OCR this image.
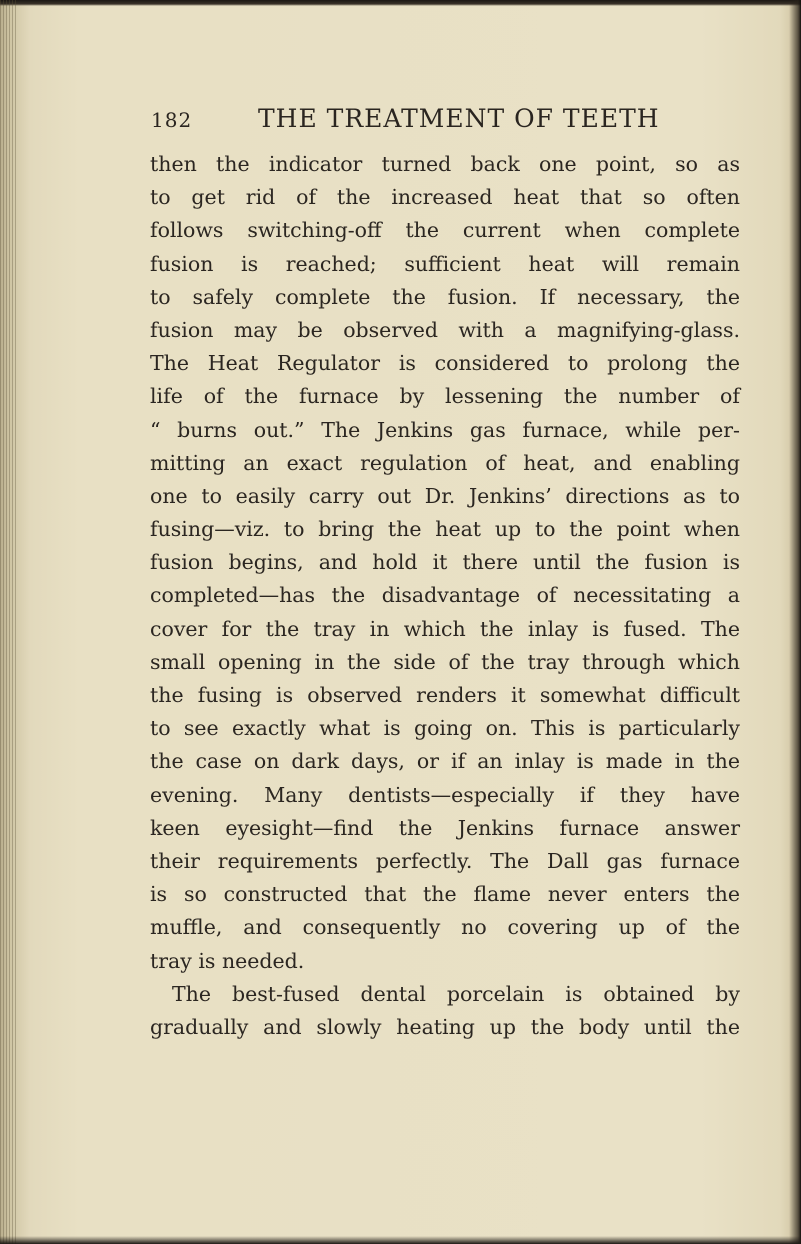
182	THE TREATMENT OF TEETH
then the indicator turned back one point, so as
to get rid of the increased heat that so often
follows switching-off the current when complete
fusion is reached; sufficient heat will remain
to safely complete the fusion. If necessary, the
fusion may be observed with a magnifying-glass.
The Heat Regulator is considered to prolong the
life of the furnace by lessening the number of
“ burns out.” The Jenkins gas furnace, while per-
mitting an exact regulation of heat, and enabling
one to easily carry out Dr. Jenkins’ directions as to
fusing—viz. to bring the heat up to the point when
fusion begins, and hold it there until the fusion is
completed—has the disadvantage of necessitating a
cover for the tray in which the inlay is fused. The
small opening in the side of the tray through which
the fusing is observed renders it somewhat difficult
to see exactly what is going on. This is particularly
the case on dark days, or if an inlay is made in the
evening. Many dentists—especially if they have
keen eyesight—find the Jenkins furnace answer
their requirements perfectly. The Dall gas furnace
is so constructed that the flame never enters the
muffle, and consequently no covering up of the
tray is needed.
The best-fused dental porcelain is obtained by
gradually and slowly heating up the body until the
